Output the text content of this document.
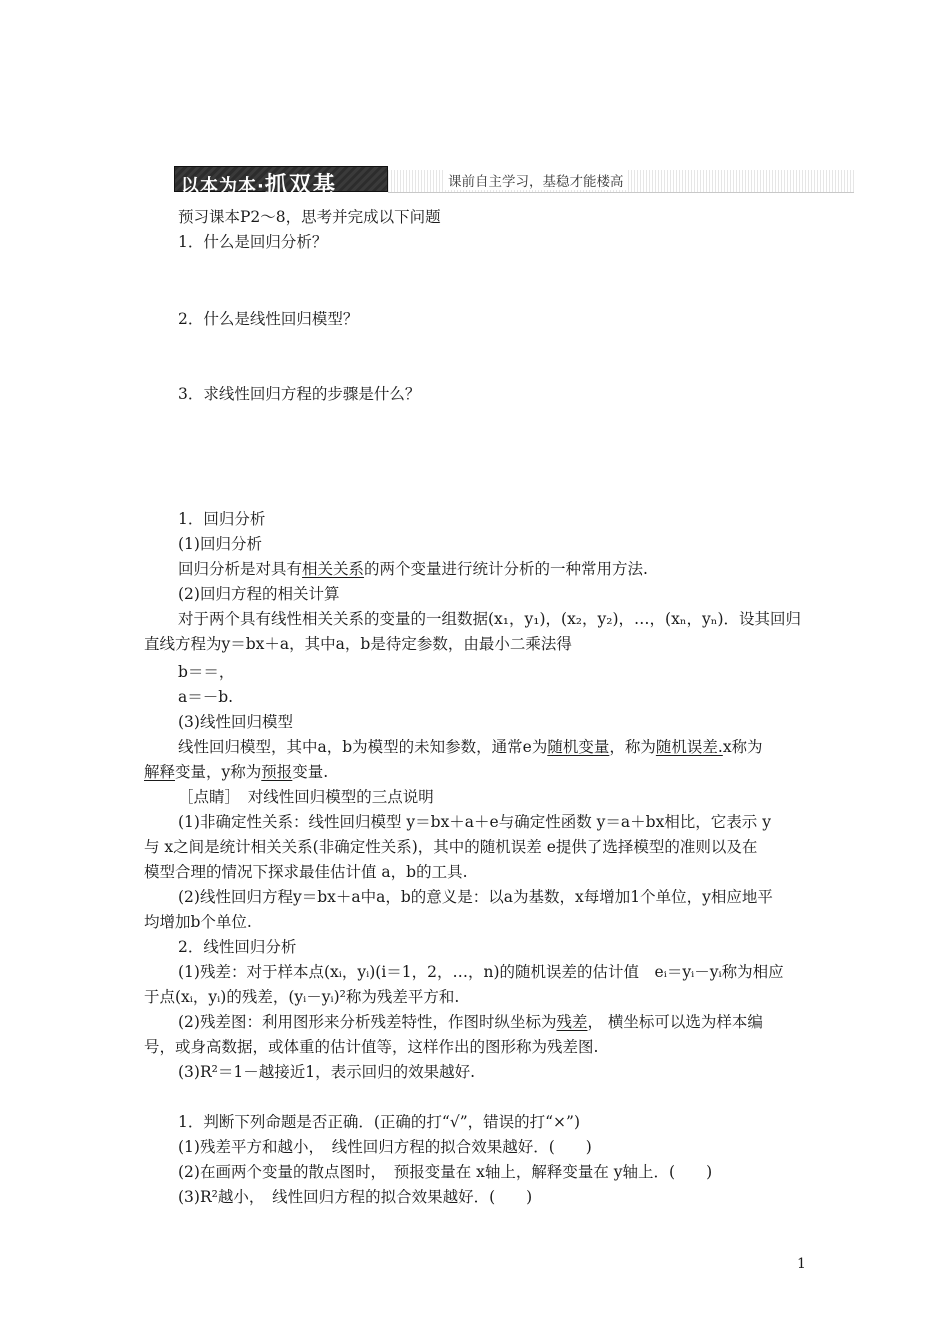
以本为本·抓双基	课前自主学习，基稳才能楼高
预习课本P2～8，思考并完成以下问题
1．什么是回归分析？
2．什么是线性回归模型？
3．求线性回归方程的步骤是什么？
1．回归分析
(1)回归分析
回归分析是对具有相关关系的两个变量进行统计分析的一种常用方法.
(2)回归方程的相关计算
对于两个具有线性相关关系的变量的一组数据(x₁，y₁)，(x₂，y₂)，…，(xₙ，yₙ)．设其回归
直线方程为y＝bx＋a，其中a，b是待定参数，由最小二乘法得
b＝＝，
a＝－b.
(3)线性回归模型
线性回归模型，其中a，b为模型的未知参数，通常e为随机变量，称为随机误差.x称为
解释变量，y称为预报变量.
［点睛］　对线性回归模型的三点说明
(1)非确定性关系：线性回归模型 y＝bx＋a＋e与确定性函数 y＝a＋bx相比，它表示 y
与 x之间是统计相关关系(非确定性关系)，其中的随机误差 e提供了选择模型的准则以及在
模型合理的情况下探求最佳估计值 a，b的工具.
(2)线性回归方程y＝bx＋a中a，b的意义是：以a为基数，x每增加1个单位，y相应地平
均增加b个单位.
2．线性回归分析
(1)残差：对于样本点(xᵢ，yᵢ)(i＝1，2，…，n)的随机误差的估计值　eᵢ＝yᵢ－yᵢ称为相应
于点(xᵢ，yᵢ)的残差，(yᵢ－yᵢ)²称为残差平方和.
(2)残差图：利用图形来分析残差特性，作图时纵坐标为残差， 横坐标可以选为样本编
号，或身高数据，或体重的估计值等，这样作出的图形称为残差图.
(3)R²＝1－越接近1，表示回归的效果越好.
1．判断下列命题是否正确．(正确的打“√”，错误的打“×”)
(1)残差平方和越小，　线性回归方程的拟合效果越好．(　　)
(2)在画两个变量的散点图时，　预报变量在 x轴上，解释变量在 y轴上．(　　)
(3)R²越小，　线性回归方程的拟合效果越好．(　　)
1
